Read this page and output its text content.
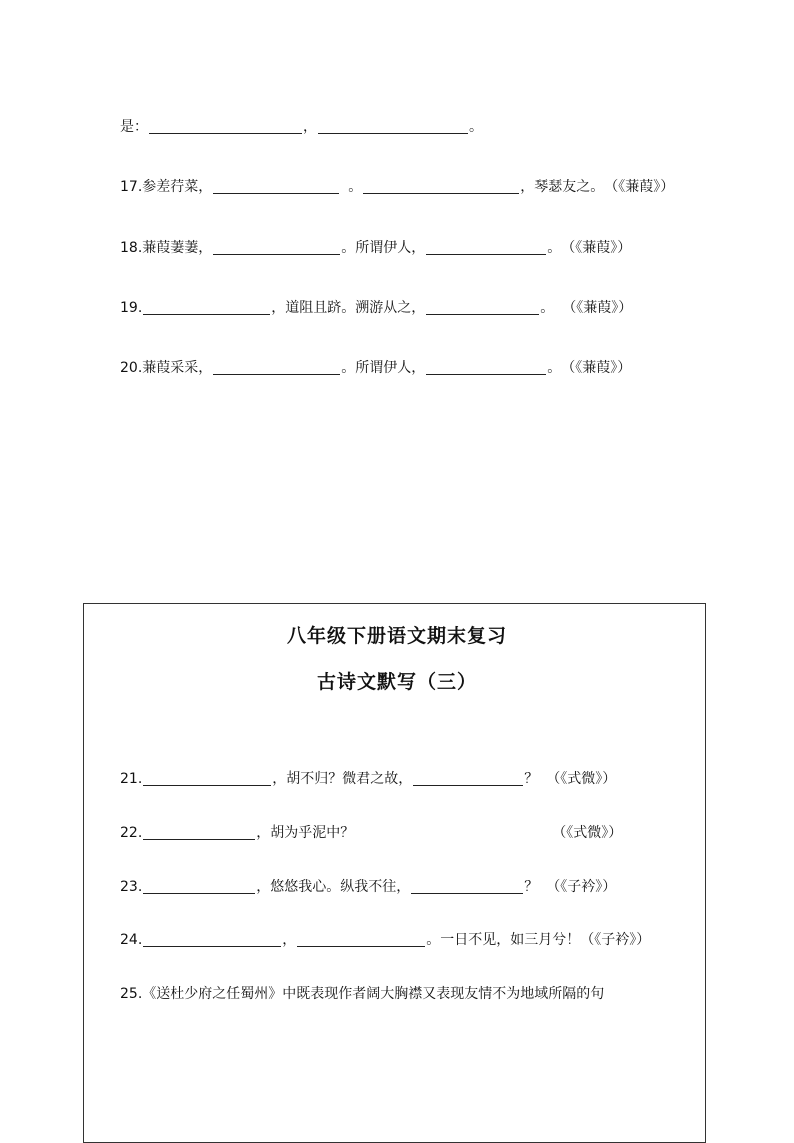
是：	，	。
17. 参差荇菜，	。	，琴瑟友之。 （《蒹葭》）
18. 蒹葭萋萋，	。所谓伊人，	。 （《蒹葭》）
19.	，道阻且跻。溯游从之，	。 （《蒹葭》）
20. 蒹葭采采，	。所谓伊人，	。 （《蒹葭》）
八年级下册语文期末复习
古诗文默写（三）
21.	，胡不归？微君之故，	？ （《式微》）
22.	，胡为乎泥中？	（《式微》）
23.	，悠悠我心。纵我不往，	？ （《子衿》）
24.	，	。一日不见，如三月兮！ （《子衿》）
25.《送杜少府之任蜀州》中既表现作者阔大胸襟又表现友情不为地域所隔的句
